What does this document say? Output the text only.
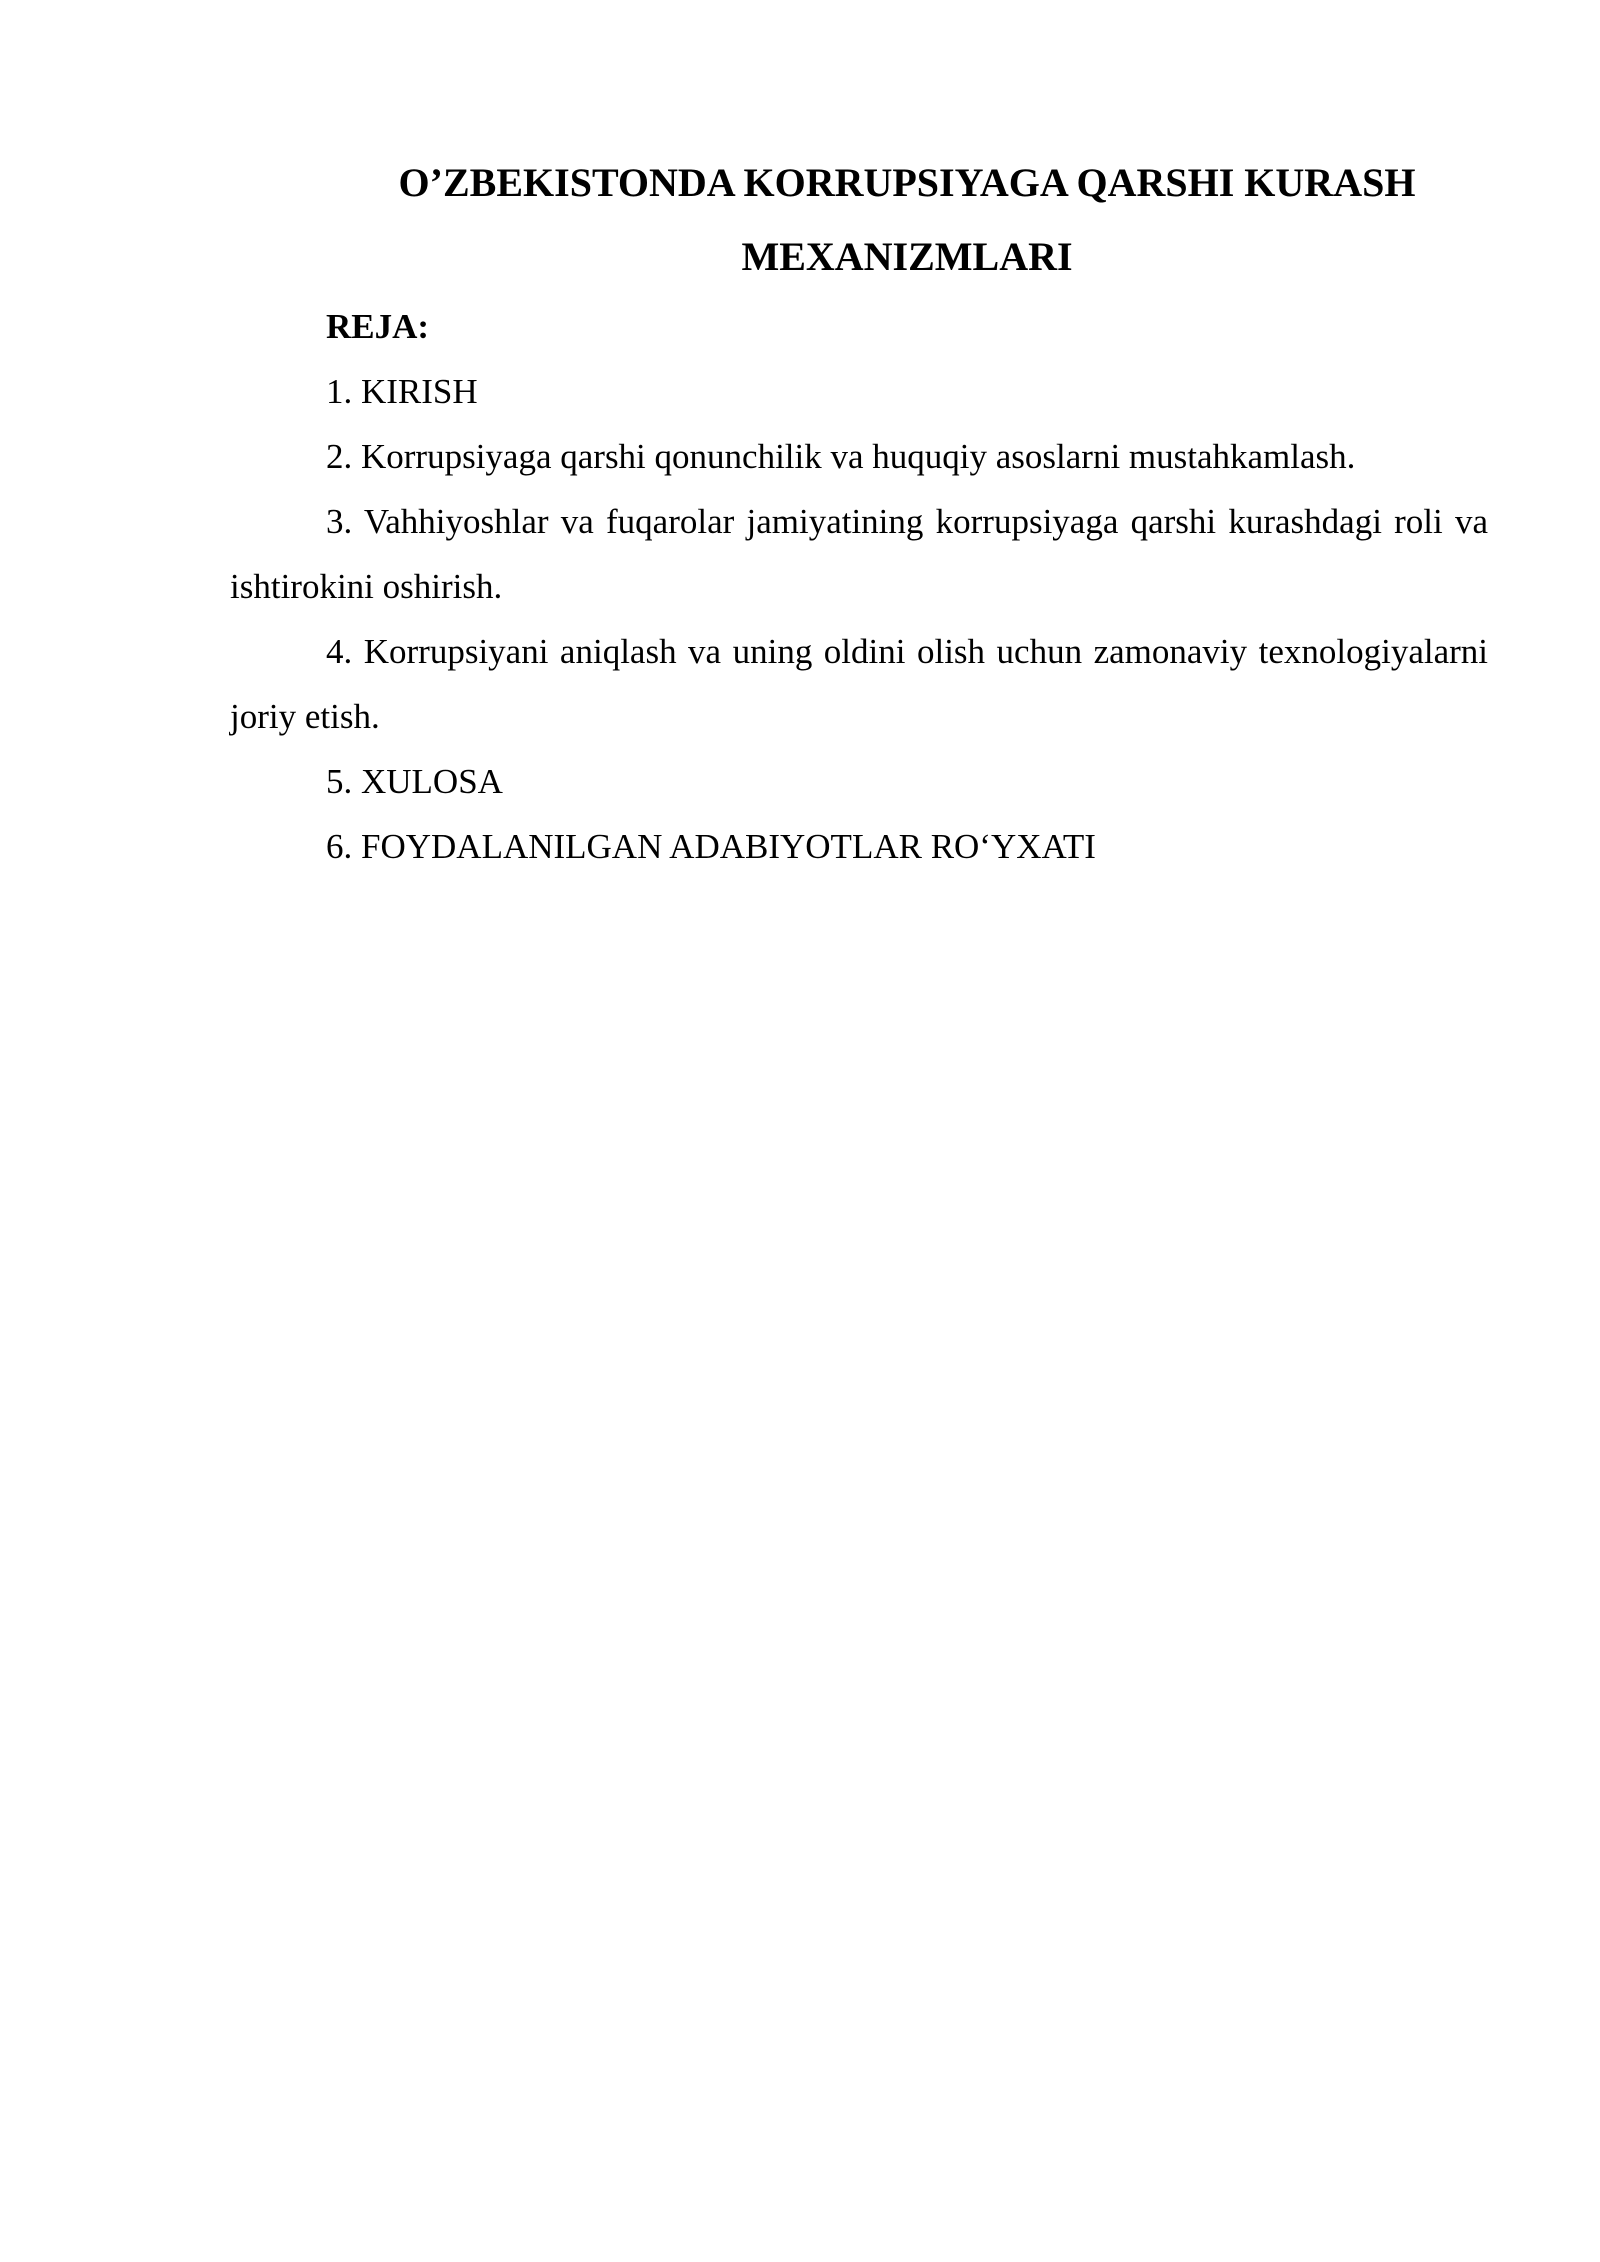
O’ZBEKISTONDA KORRUPSIYAGA QARSHI KURASH
MEXANIZMLARI

REJA:

1. KIRISH

2. Korrupsiyaga qarshi qonunchilik va huquqiy asoslarni mustahkamlash.

3. Vahhiyoshlar va fuqarolar jamiyatining korrupsiyaga qarshi kurashdagi roli va ishtirokini oshirish.

4. Korrupsiyani aniqlash va uning oldini olish uchun zamonaviy texnologiyalarni joriy etish.

5. XULOSA

6. FOYDALANILGAN ADABIYOTLAR RO‘YXATI
